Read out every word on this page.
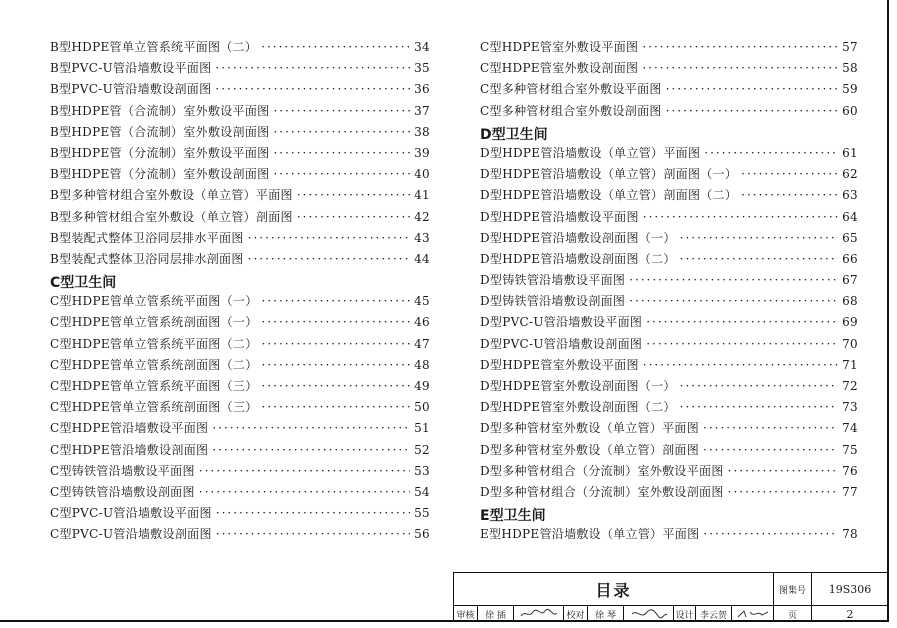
B型HDPE管单立管系统平面图（二） ·····	34
B型PVC-U管沿墙敷设平面图 ·····	35
B型PVC-U管沿墙敷设剖面图 ·····	36
B型HDPE管（合流制）室外敷设平面图 ·····	37
B型HDPE管（合流制）室外敷设剖面图 ·····	38
B型HDPE管（分流制）室外敷设平面图 ·····	39
B型HDPE管（分流制）室外敷设剖面图 ·····	40
B型多种管材组合室外敷设（单立管）平面图 ·····	41
B型多种管材组合室外敷设（单立管）剖面图 ·····	42
B型装配式整体卫浴同层排水平面图 ·····	43
B型装配式整体卫浴同层排水剖面图 ·····	44
C型卫生间
C型HDPE管单立管系统平面图（一） ·····	45
C型HDPE管单立管系统剖面图（一） ·····	46
C型HDPE管单立管系统平面图（二） ·····	47
C型HDPE管单立管系统剖面图（二） ·····	48
C型HDPE管单立管系统平面图（三） ·····	49
C型HDPE管单立管系统剖面图（三） ·····	50
C型HDPE管沿墙敷设平面图 ·····	51
C型HDPE管沿墙敷设剖面图 ·····	52
C型铸铁管沿墙敷设平面图 ·····	53
C型铸铁管沿墙敷设剖面图 ·····	54
C型PVC-U管沿墙敷设平面图 ·····	55
C型PVC-U管沿墙敷设剖面图 ·····	56
C型HDPE管室外敷设平面图 ·····	57
C型HDPE管室外敷设剖面图 ·····	58
C型多种管材组合室外敷设平面图 ·····	59
C型多种管材组合室外敷设剖面图 ·····	60
D型卫生间
D型HDPE管沿墙敷设（单立管）平面图 ·····	61
D型HDPE管沿墙敷设（单立管）剖面图（一） ·····	62
D型HDPE管沿墙敷设（单立管）剖面图（二） ·····	63
D型HDPE管沿墙敷设平面图 ·····	64
D型HDPE管沿墙敷设剖面图（一） ·····	65
D型HDPE管沿墙敷设剖面图（二） ·····	66
D型铸铁管沿墙敷设平面图 ·····	67
D型铸铁管沿墙敷设剖面图 ·····	68
D型PVC-U管沿墙敷设平面图 ·····	69
D型PVC-U管沿墙敷设剖面图 ·····	70
D型HDPE管室外敷设平面图 ·····	71
D型HDPE管室外敷设剖面图（一） ·····	72
D型HDPE管室外敷设剖面图（二） ·····	73
D型多种管材室外敷设（单立管）平面图 ·····	74
D型多种管材室外敷设（单立管）剖面图 ·····	75
D型多种管材组合（分流制）室外敷设平面图 ·····	76
D型多种管材组合（分流制）室外敷设剖面图 ·····	77
E型卫生间
E型HDPE管沿墙敷设（单立管）平面图 ·····	78
目录	图集号	19S306
审核	徐 插	校对	徐 琴	设计 李云贺	页	2
